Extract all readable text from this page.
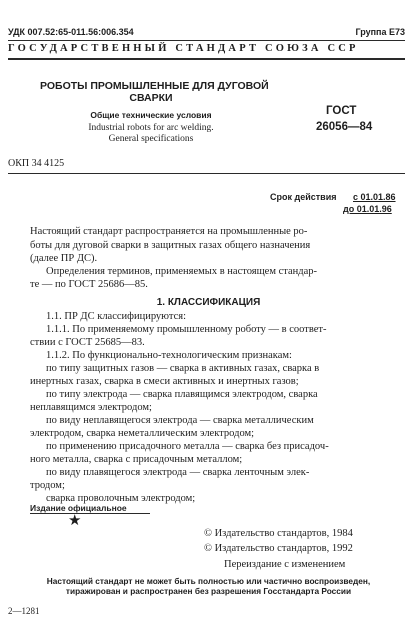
УДК 007.52:65-011.56:006.354	Группа Е73
ГОСУДАРСТВЕННЫЙ СТАНДАРТ СОЮЗА ССР
РОБОТЫ ПРОМЫШЛЕННЫЕ ДЛЯ ДУГОВОЙ
СВАРКИ
Общие технические условия
Industrial robots for arc welding.
General specifications
ГОСТ
26056—84
ОКП 34 4125
Срок действия с 01.01.86
до 01.01.96
Настоящий стандарт распространяется на промышленные ро-
боты для дуговой сварки в защитных газах общего назначения
(далее ПР ДС).
Определения терминов, применяемых в настоящем стандар-
те — по ГОСТ 25686—85.
1. КЛАССИФИКАЦИЯ
1.1. ПР ДС классифицируются:
1.1.1. По применяемому промышленному роботу — в соответ-
ствии с ГОСТ 25685—83.
1.1.2. По функционально-технологическим признакам:
по типу защитных газов — сварка в активных газах, сварка в
инертных газах, сварка в смеси активных и инертных газов;
по типу электрода — сварка плавящимся электродом, сварка
неплавящимся электродом;
по виду неплавящегося электрода — сварка металлическим
электродом, сварка неметаллическим электродом;
по применению присадочного металла — сварка без присадоч-
ного металла, сварка с присадочным металлом;
по виду плавящегося электрода — сварка ленточным элек-
тродом;
сварка проволочным электродом;
Издание официальное
★
© Издательство стандартов, 1984
© Издательство стандартов, 1992
Переиздание с изменением
Настоящий стандарт не может быть полностью или частично воспроизведен,
тиражирован и распространен без разрешения Госстандарта России
2—1281
